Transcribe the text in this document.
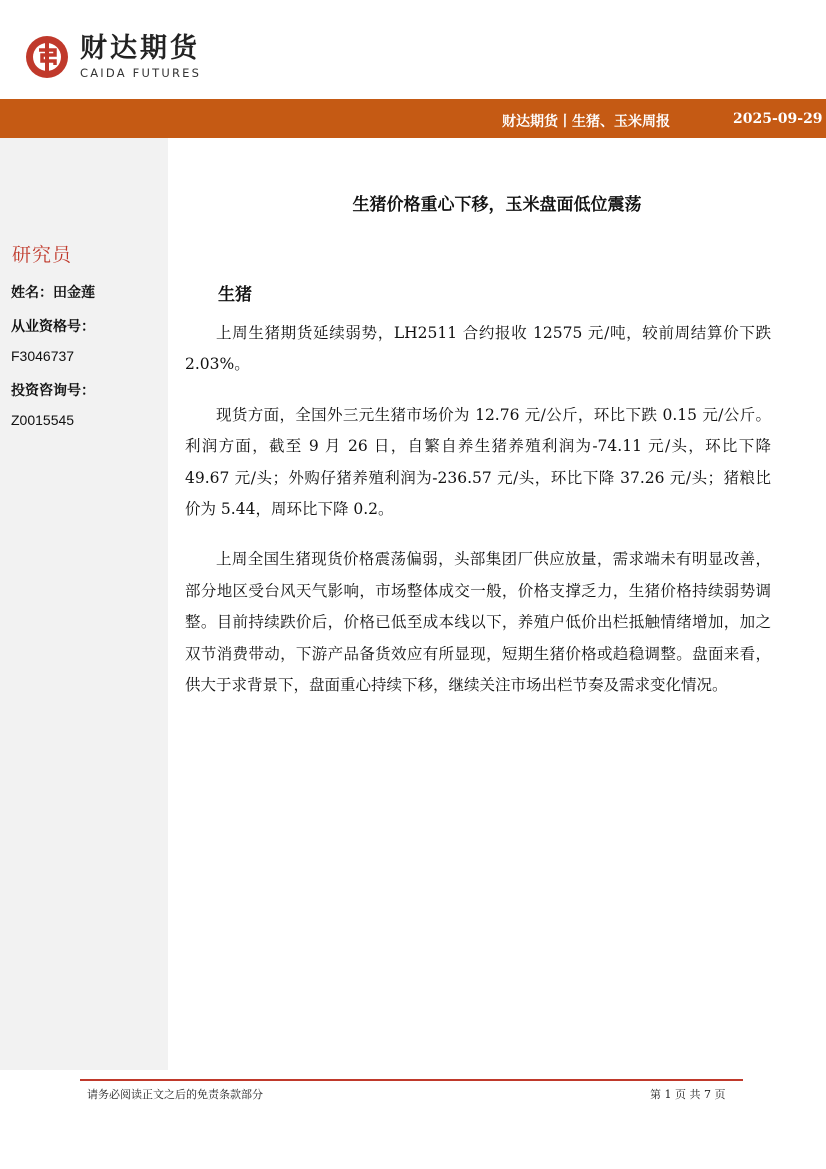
财达期货
CAIDA FUTURES
财达期货丨生猪、玉米周报	2025-09-29
研究员
姓名：田金莲
从业资格号：
F3046737
投资咨询号：
Z0015545
生猪价格重心下移，玉米盘面低位震荡
生猪

上周生猪期货延续弱势，LH2511 合约报收 12575 元/吨，较前周结算价下跌 2.03%。

现货方面，全国外三元生猪市场价为 12.76 元/公斤，环比下跌 0.15 元/公斤。利润方面，截至 9 月 26 日，自繁自养生猪养殖利润为-74.11 元/头，环比下降 49.67 元/头；外购仔猪养殖利润为-236.57 元/头，环比下降 37.26 元/头；猪粮比价为 5.44，周环比下降 0.2。

上周全国生猪现货价格震荡偏弱，头部集团厂供应放量，需求端未有明显改善，部分地区受台风天气影响，市场整体成交一般，价格支撑乏力，生猪价格持续弱势调整。目前持续跌价后，价格已低至成本线以下，养殖户低价出栏抵触情绪增加，加之双节消费带动，下游产品备货效应有所显现，短期生猪价格或趋稳调整。盘面来看，供大于求背景下，盘面重心持续下移，继续关注市场出栏节奏及需求变化情况。

请务必阅读正文之后的免责条款部分	第 1 页 共 7 页
